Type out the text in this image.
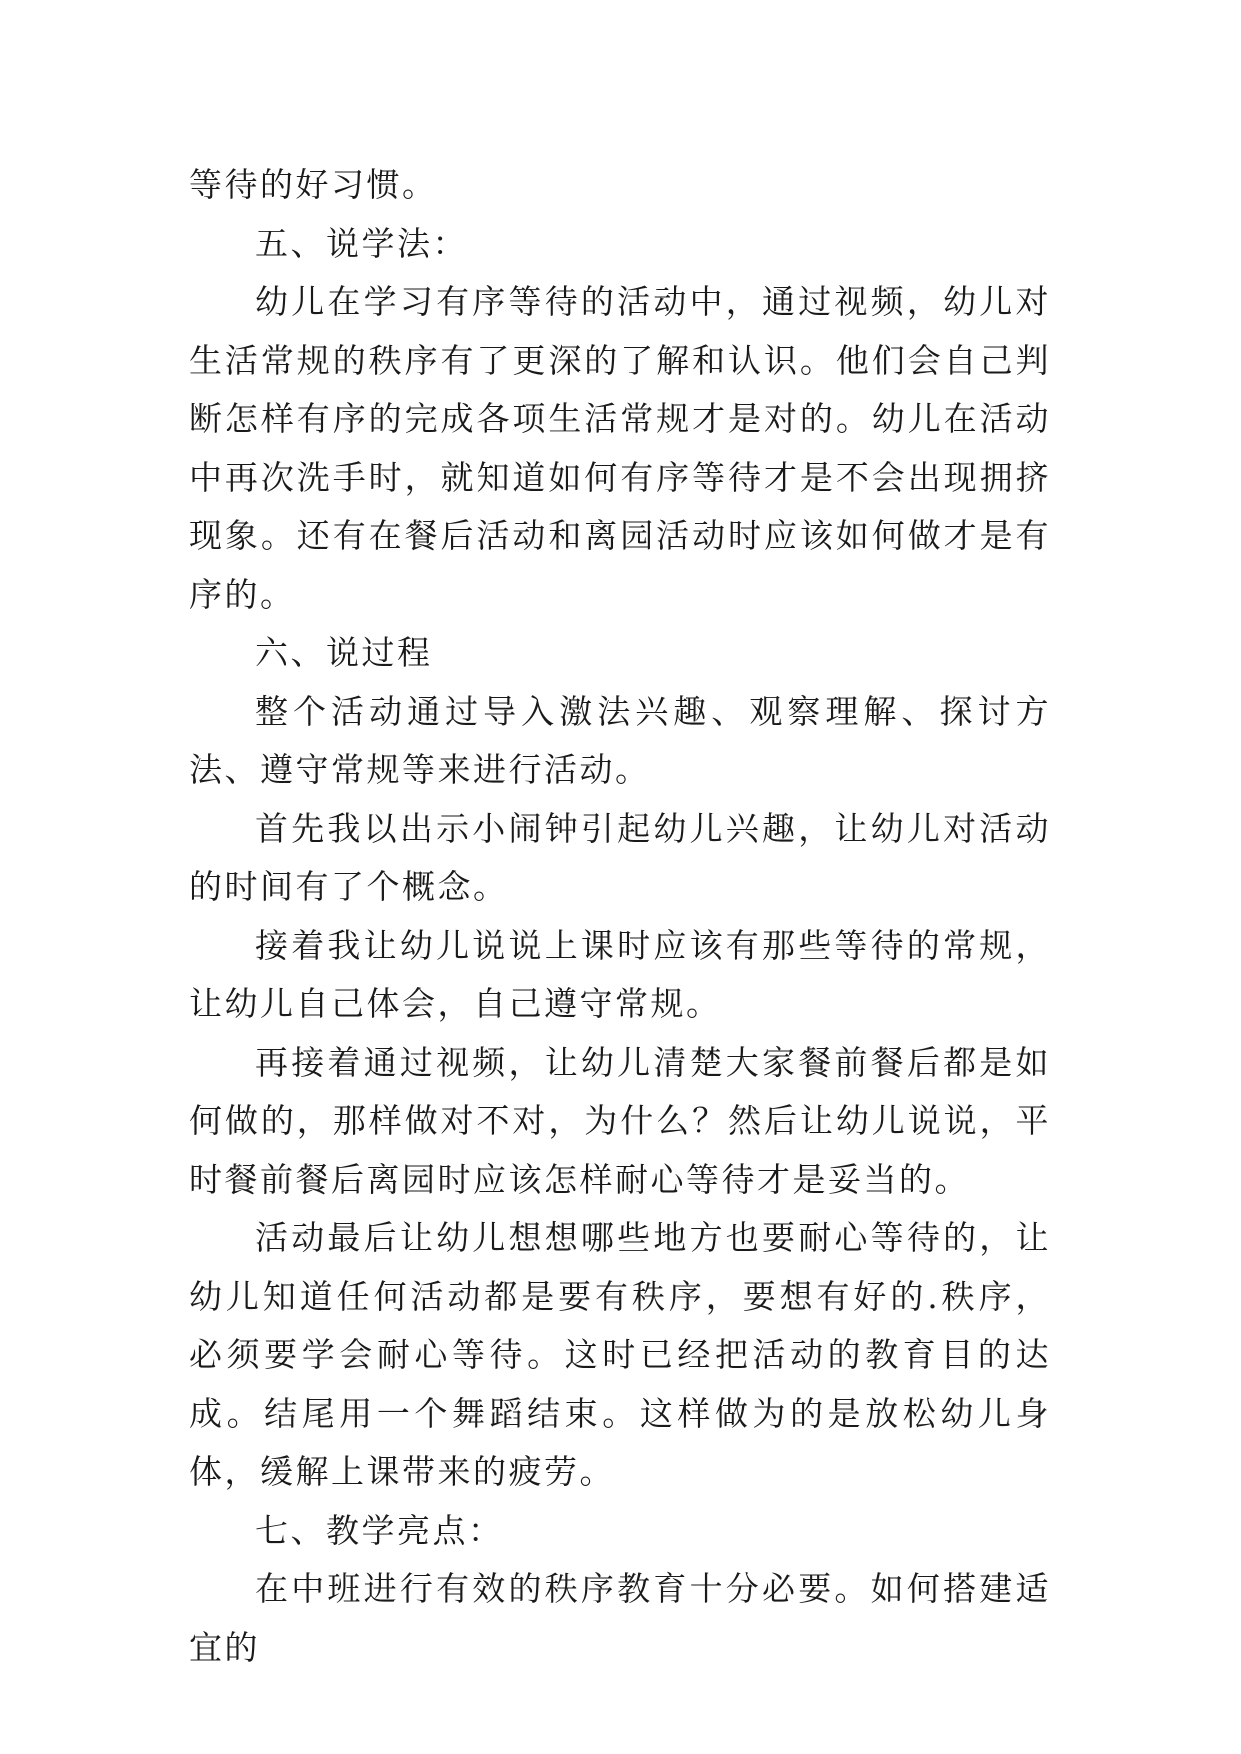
等待的好习惯。

五、说学法：

幼儿在学习有序等待的活动中，通过视频，幼儿对生活常规的秩序有了更深的了解和认识。他们会自己判断怎样有序的完成各项生活常规才是对的。幼儿在活动中再次洗手时，就知道如何有序等待才是不会出现拥挤现象。还有在餐后活动和离园活动时应该如何做才是有序的。

六、说过程

整个活动通过导入激法兴趣、观察理解、探讨方法、遵守常规等来进行活动。

首先我以出示小闹钟引起幼儿兴趣，让幼儿对活动的时间有了个概念。

接着我让幼儿说说上课时应该有那些等待的常规，让幼儿自己体会，自己遵守常规。

再接着通过视频，让幼儿清楚大家餐前餐后都是如何做的，那样做对不对，为什么？然后让幼儿说说，平时餐前餐后离园时应该怎样耐心等待才是妥当的。

活动最后让幼儿想想哪些地方也要耐心等待的，让幼儿知道任何活动都是要有秩序，要想有好的.秩序，必须要学会耐心等待。这时已经把活动的教育目的达成。结尾用一个舞蹈结束。这样做为的是放松幼儿身体，缓解上课带来的疲劳。

七、教学亮点：

在中班进行有效的秩序教育十分必要。如何搭建适宜的
